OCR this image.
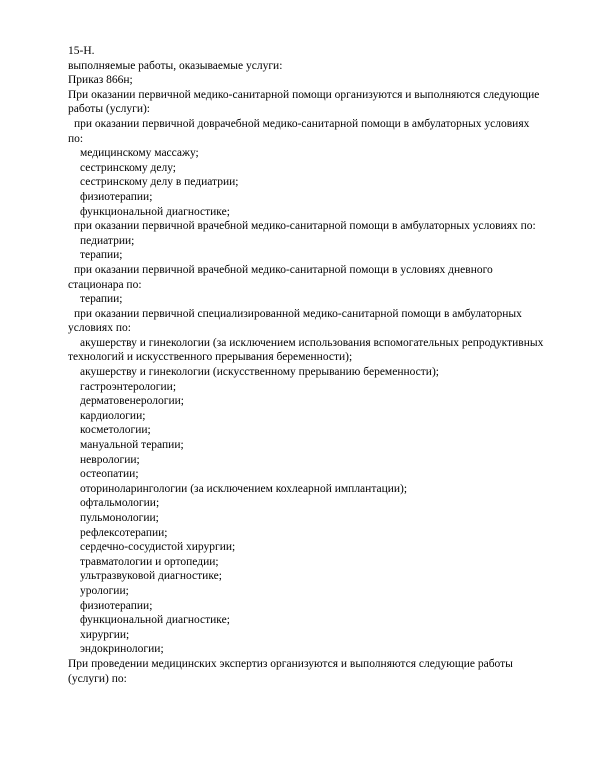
15-Н.

выполняемые работы, оказываемые услуги:

Приказ 866н;

При оказании первичной медико-санитарной помощи организуются и выполняются следующие

работы (услуги):

при оказании первичной доврачебной медико-санитарной помощи в амбулаторных условиях

по:

медицинскому массажу;

сестринскому делу;

сестринскому делу в педиатрии;

физиотерапии;

функциональной диагностике;

при оказании первичной врачебной медико-санитарной помощи в амбулаторных условиях по:

педиатрии;

терапии;

при оказании первичной врачебной медико-санитарной помощи в условиях дневного

стационара по:

терапии;

при оказании первичной специализированной медико-санитарной помощи в амбулаторных

условиях по:

акушерству и гинекологии (за исключением использования вспомогательных репродуктивных

технологий и искусственного прерывания беременности);

акушерству и гинекологии (искусственному прерыванию беременности);

гастроэнтерологии;

дерматовенерологии;

кардиологии;

косметологии;

мануальной терапии;

неврологии;

остеопатии;

оториноларингологии (за исключением кохлеарной имплантации);

офтальмологии;

пульмонологии;

рефлексотерапии;

сердечно-сосудистой хирургии;

травматологии и ортопедии;

ультразвуковой диагностике;

урологии;

физиотерапии;

функциональной диагностике;

хирургии;

эндокринологии;

При проведении медицинских экспертиз организуются и выполняются следующие работы

(услуги) по:
